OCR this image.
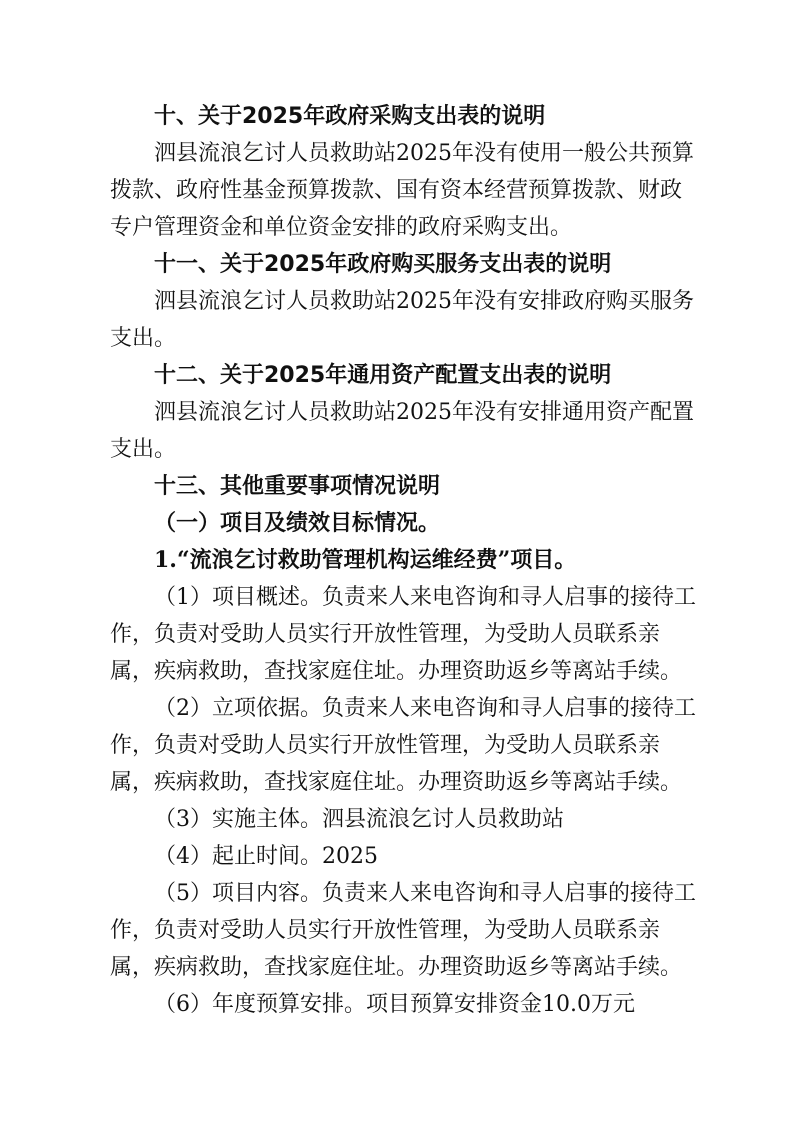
十、关于2025年政府采购支出表的说明

泗县流浪乞讨人员救助站2025年没有使用一般公共预算
拨款、政府性基金预算拨款、国有资本经营预算拨款、财政
专户管理资金和单位资金安排的政府采购支出。

十一、关于2025年政府购买服务支出表的说明

泗县流浪乞讨人员救助站2025年没有安排政府购买服务
支出。

十二、关于2025年通用资产配置支出表的说明

泗县流浪乞讨人员救助站2025年没有安排通用资产配置
支出。

十三、其他重要事项情况说明

（一）项目及绩效目标情况。

1.“流浪乞讨救助管理机构运维经费”项目。

（1）项目概述。负责来人来电咨询和寻人启事的接待工
作，负责对受助人员实行开放性管理，为受助人员联系亲
属，疾病救助，查找家庭住址。办理资助返乡等离站手续。

（2）立项依据。负责来人来电咨询和寻人启事的接待工
作，负责对受助人员实行开放性管理，为受助人员联系亲
属，疾病救助，查找家庭住址。办理资助返乡等离站手续。

（3）实施主体。泗县流浪乞讨人员救助站

（4）起止时间。2025

（5）项目内容。负责来人来电咨询和寻人启事的接待工
作，负责对受助人员实行开放性管理，为受助人员联系亲
属，疾病救助，查找家庭住址。办理资助返乡等离站手续。

（6）年度预算安排。项目预算安排资金10.0万元
